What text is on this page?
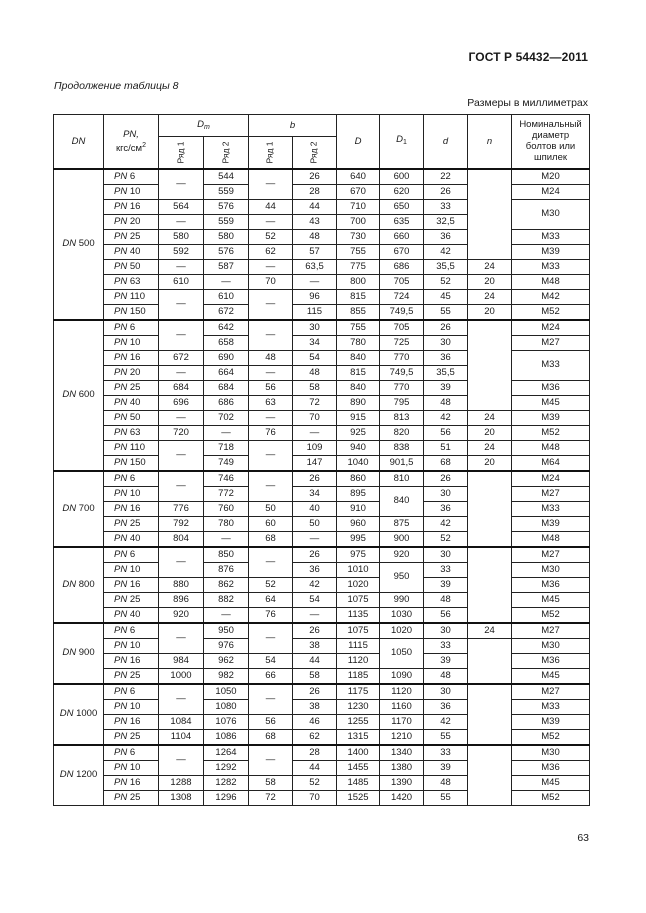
ГОСТ Р 54432—2011
Продолжение таблицы 8
Размеры в миллиметрах
DN	PN,
кгс/$см^2$	$D_m$		b		D	$D_1$	d	n	Номинальный
диаметр
болтов или
шпилек
		Ряд 1	Ряд 2	Ряд 1	Ряд 2					
DN 500	PN 6	—	544	—	26	640	600	22		M20
	PN 10		559		28	670	620	26		M24
	PN 16	564	576	44	44	710	650	33		M30
	PN 20	—	559	—	43	700	635	32,5		
	PN 25	580	580	52	48	730	660	36		M33
	PN 40	592	576	62	57	755	670	42		M39
	PN 50	—	587	—	63,5	775	686	35,5	24	M33
	PN 63	610	—	70	—	800	705	52	20	M48
	PN 110	—	610	—	96	815	724	45	24	M42
	PN 150		672		115	855	749,5	55	20	M52
DN 600	PN 6	—	642	—	30	755	705	26		M24
	PN 10		658		34	780	725	30		M27
	PN 16	672	690	48	54	840	770	36		M33
	PN 20	—	664	—	48	815	749,5	35,5		
	PN 25	684	684	56	58	840	770	39		M36
	PN 40	696	686	63	72	890	795	48		M45
	PN 50	—	702	—	70	915	813	42	24	M39
	PN 63	720	—	76	—	925	820	56	20	M52
	PN 110	—	718	—	109	940	838	51	24	M48
	PN 150		749		147	1040	901,5	68	20	M64
DN 700	PN 6	—	746	—	26	860	810	26		M24
	PN 10		772		34	895	840	30		M27
	PN 16	776	760	50	40	910		36		M33
	PN 25	792	780	60	50	960	875	42		M39
	PN 40	804	—	68	—	995	900	52		M48
DN 800	PN 6	—	850	—	26	975	920	30		M27
	PN 10		876		36	1010	950	33		M30
	PN 16	880	862	52	42	1020		39		M36
	PN 25	896	882	64	54	1075	990	48		M45
	PN 40	920	—	76	—	1135	1030	56		M52
DN 900	PN 6	—	950	—	26	1075	1020	30	24	M27
	PN 10		976		38	1115	1050	33		M30
	PN 16	984	962	54	44	1120		39		M36
	PN 25	1000	982	66	58	1185	1090	48		M45
DN 1000	PN 6	—	1050	—	26	1175	1120	30		M27
	PN 10		1080		38	1230	1160	36		M33
	PN 16	1084	1076	56	46	1255	1170	42		M39
	PN 25	1104	1086	68	62	1315	1210	55		M52
DN 1200	PN 6	—	1264	—	28	1400	1340	33		M30
	PN 10		1292		44	1455	1380	39		M36
	PN 16	1288	1282	58	52	1485	1390	48		M45
	PN 25	1308	1296	72	70	1525	1420	55		M52
63
